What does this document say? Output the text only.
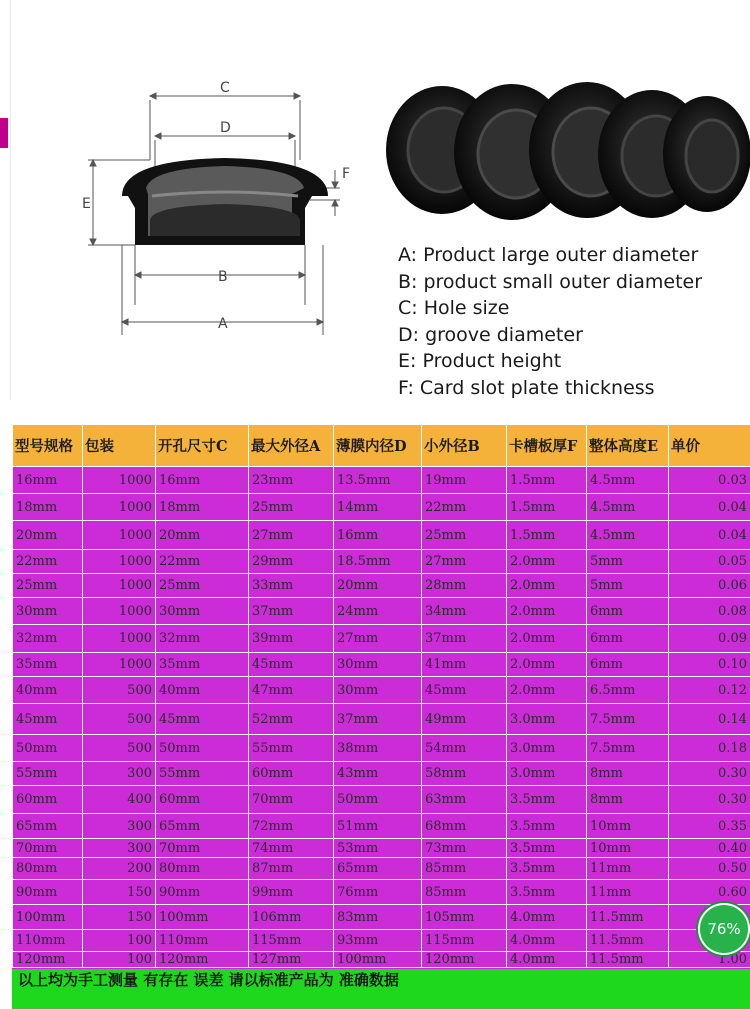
C
D
B
A
E
F
A: Product large outer diameter
B: product small outer diameter
C: Hole size
D: groove diameter
E: Product height
F: Card slot plate thickness
型号规格	包装	开孔尺寸C	最大外径A	薄膜内径D	小外径B	卡槽板厚F	整体高度E	单价
16mm	1000	16mm	23mm	13.5mm	19mm	1.5mm	4.5mm	0.03
18mm	1000	18mm	25mm	14mm	22mm	1.5mm	4.5mm	0.04
20mm	1000	20mm	27mm	16mm	25mm	1.5mm	4.5mm	0.04
22mm	1000	22mm	29mm	18.5mm	27mm	2.0mm	5mm	0.05
25mm	1000	25mm	33mm	20mm	28mm	2.0mm	5mm	0.06
30mm	1000	30mm	37mm	24mm	34mm	2.0mm	6mm	0.08
32mm	1000	32mm	39mm	27mm	37mm	2.0mm	6mm	0.09
35mm	1000	35mm	45mm	30mm	41mm	2.0mm	6mm	0.10
40mm	500	40mm	47mm	30mm	45mm	2.0mm	6.5mm	0.12
45mm	500	45mm	52mm	37mm	49mm	3.0mm	7.5mm	0.14
50mm	500	50mm	55mm	38mm	54mm	3.0mm	7.5mm	0.18
55mm	300	55mm	60mm	43mm	58mm	3.0mm	8mm	0.30
60mm	400	60mm	70mm	50mm	63mm	3.5mm	8mm	0.30
65mm	300	65mm	72mm	51mm	68mm	3.5mm	10mm	0.35
70mm	300	70mm	74mm	53mm	73mm	3.5mm	10mm	0.40
80mm	200	80mm	87mm	65mm	85mm	3.5mm	11mm	0.50
90mm	150	90mm	99mm	76mm	85mm	3.5mm	11mm	0.60
100mm	150	100mm	106mm	83mm	105mm	4.0mm	11.5mm	
110mm	100	110mm	115mm	93mm	115mm	4.0mm	11.5mm	
120mm	100	120mm	127mm	100mm	120mm	4.0mm	11.5mm	1.00
以上均为手工测量 有存在 误差 请以标准产品为 准确数据
76%
